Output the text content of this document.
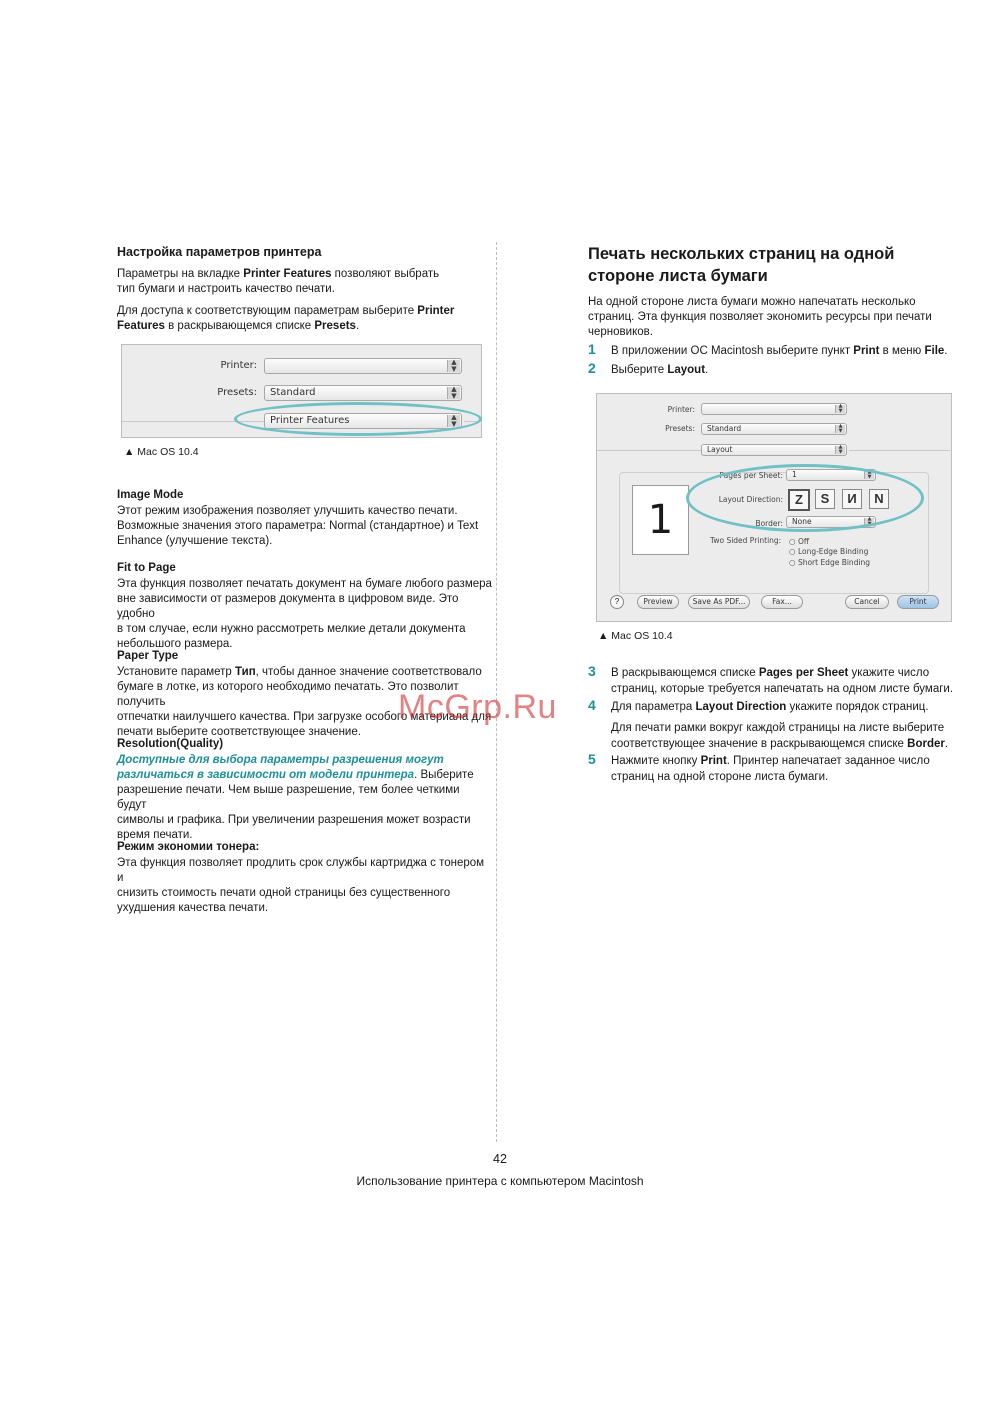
Настройка параметров принтера
Параметры на вкладке Printer Features позволяют выбрать
тип бумаги и настроить качество печати.
Для доступа к соответствующим параметрам выберите Printer
Features в раскрывающемся списке Presets.
Printer:	▲
▼
Presets:	Standard	▲
▼
Printer Features	▲
▼
▲ Mac OS 10.4
Image Mode
Этот режим изображения позволяет улучшить качество печати.
Возможные значения этого параметра: Normal (стандартное) и Text
Enhance (улучшение текста).
Fit to Page
Эта функция позволяет печатать документ на бумаге любого размера
вне зависимости от размеров документа в цифровом виде. Это удобно
в том случае, если нужно рассмотреть мелкие детали документа
небольшого размера.
Paper Type
Установите параметр Тип, чтобы данное значение соответствовало
бумаге в лотке, из которого необходимо печатать. Это позволит получить
отпечатки наилучшего качества. При загрузке особого материала для
печати выберите соответствующее значение.
Resolution(Quality)
Доступные для выбора параметры разрешения могут
различаться в зависимости от модели принтера. Выберите
разрешение печати. Чем выше разрешение, тем более четкими будут
символы и графика. При увеличении разрешения может возрасти
время печати.
Режим экономии тонера:
Эта функция позволяет продлить срок службы картриджа с тонером и
снизить стоимость печати одной страницы без существенного
ухудшения качества печати.
Печать нескольких страниц на одной
стороне листа бумаги
На одной стороне листа бумаги можно напечатать несколько
страниц. Эта функция позволяет экономить ресурсы при печати
черновиков.
1 В приложении ОС Macintosh выберите пункт Print в меню File.
2 Выберите Layout.
Printer:	▲
▼
Presets:	Standard	▲
▼
Layout	▲
▼
1
Pages per Sheet:	1	▲
▼
Layout Direction: Z	S	И	N
Border:	None	▲
▼
Two Sided Printing: ○ Off
○ Long-Edge Binding
○ Short Edge Binding
?	Preview	Save As PDF...	Fax...	Cancel	Print
▲ Mac OS 10.4
3 В раскрывающемся списке Pages per Sheet укажите число
страниц, которые требуется напечатать на одном листе бумаги.
4 Для параметра Layout Direction укажите порядок страниц.
Для печати рамки вокруг каждой страницы на листе выберите
соответствующее значение в раскрывающемся списке Border.
5 Нажмите кнопку Print. Принтер напечатает заданное число
страниц на одной стороне листа бумаги.
McGrp.Ru
42
Использование принтера с компьютером Macintosh
